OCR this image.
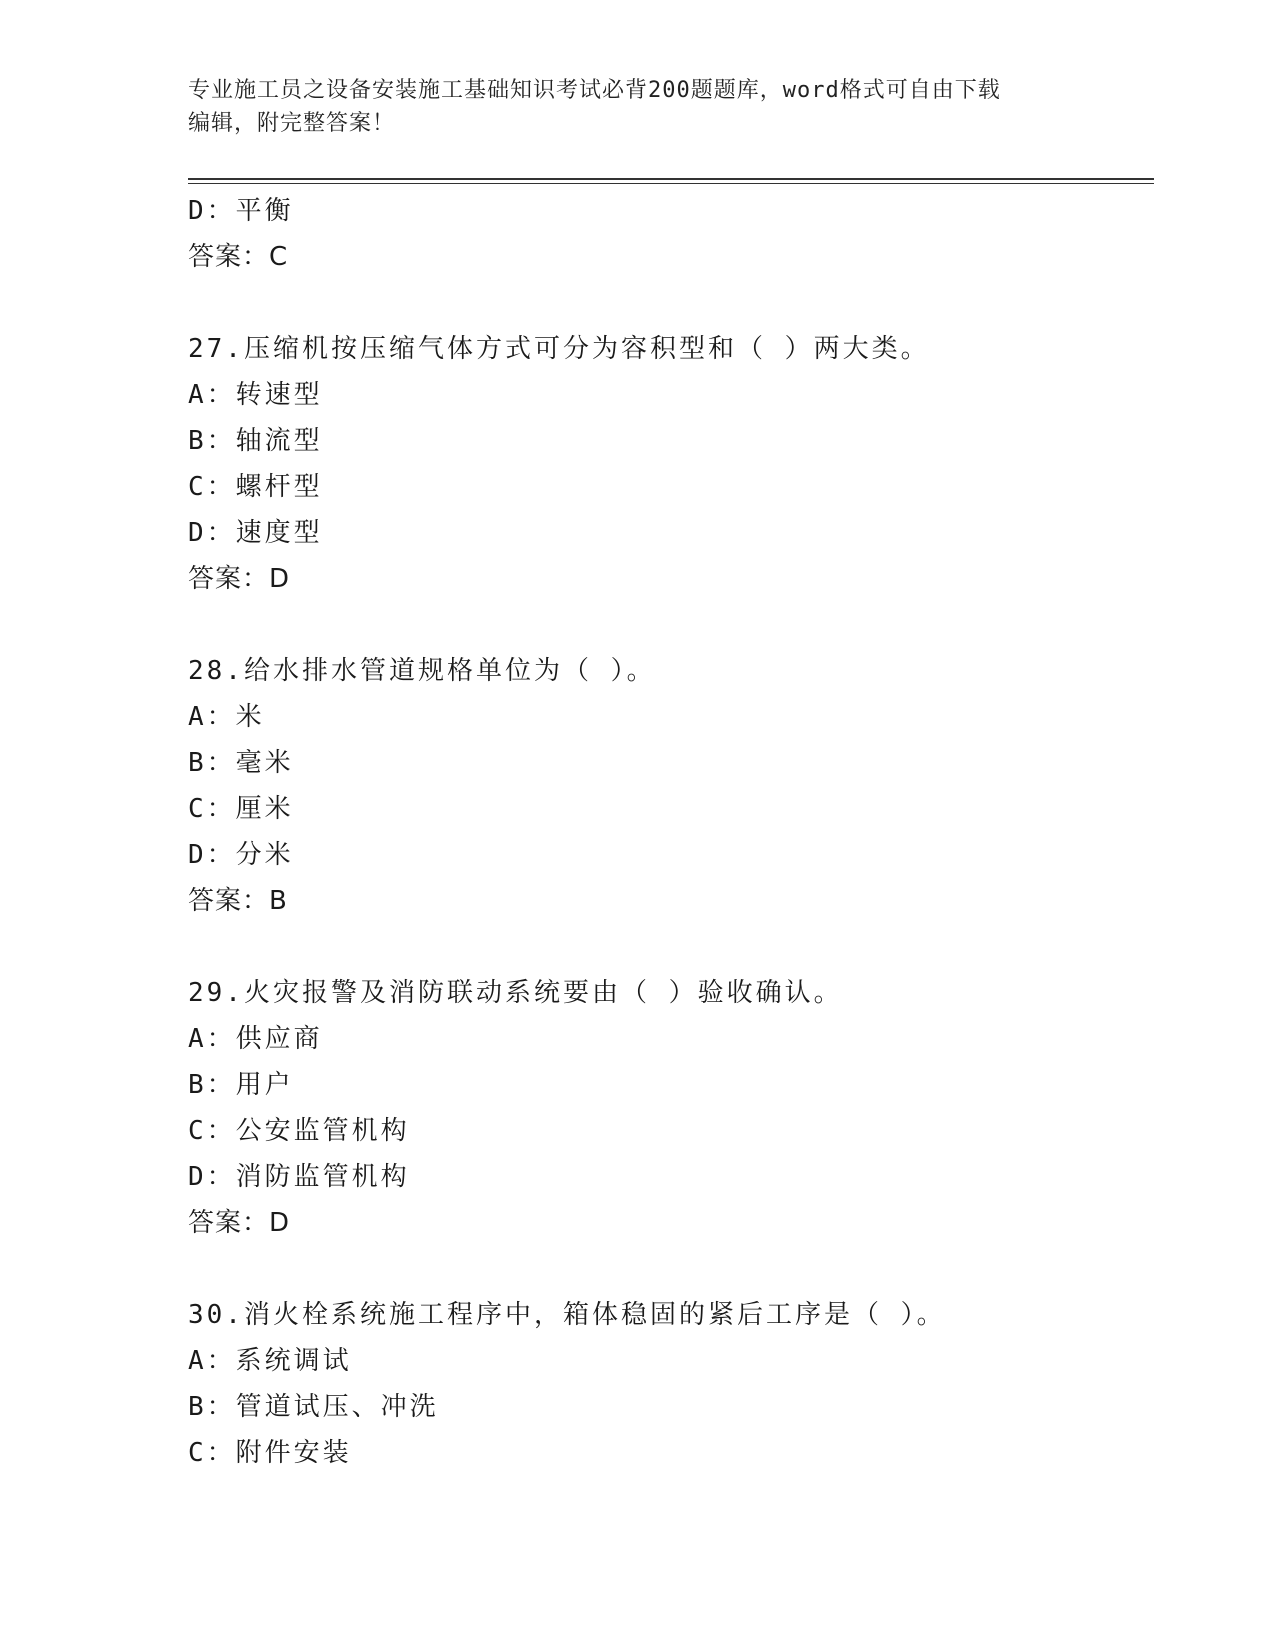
专业施工员之设备安装施工基础知识考试必背200题题库，word格式可自由下载
编辑，附完整答案！
D：平衡
答案：C
27.压缩机按压缩气体方式可分为容积型和（ ）两大类。
A：转速型
B：轴流型
C：螺杆型
D：速度型
答案：D
28.给水排水管道规格单位为（ ）。
A：米
B：毫米
C：厘米
D：分米
答案：B
29.火灾报警及消防联动系统要由（ ）验收确认。
A：供应商
B：用户
C：公安监管机构
D：消防监管机构
答案：D
30.消火栓系统施工程序中，箱体稳固的紧后工序是（ ）。
A：系统调试
B：管道试压、冲洗
C：附件安装
